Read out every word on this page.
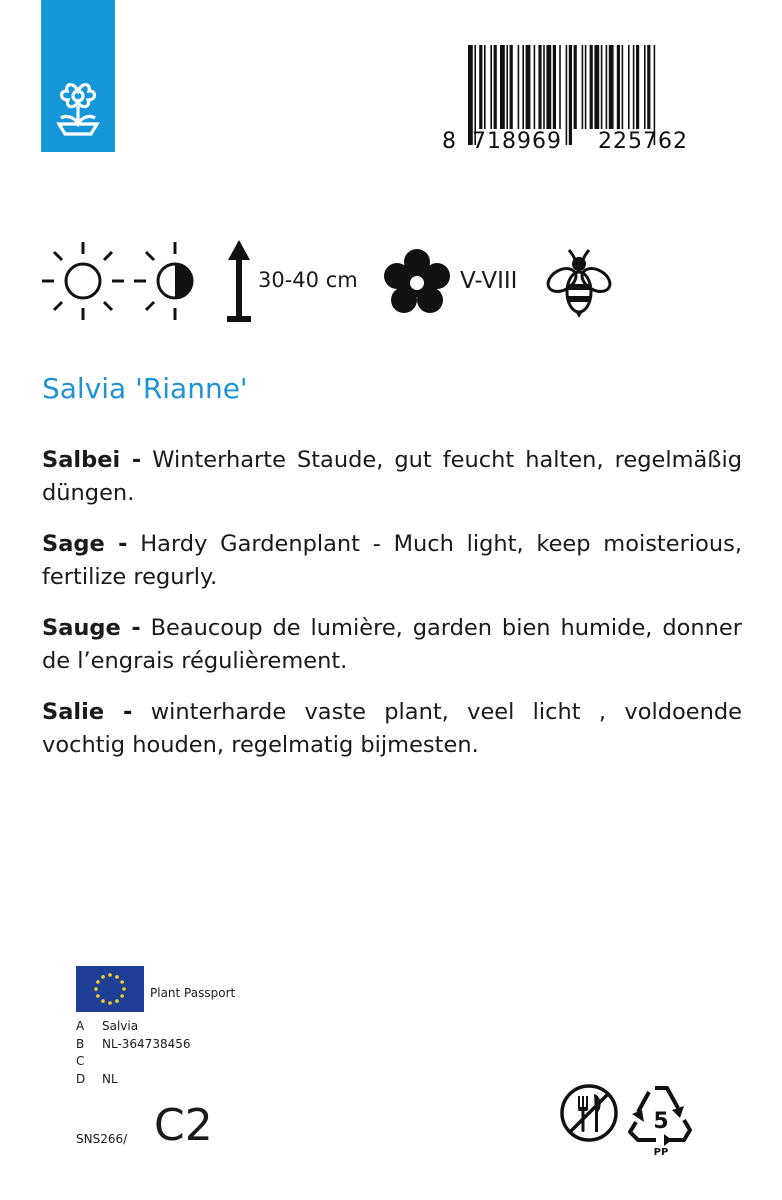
8 718969 225762
30-40 cm	V-VIII
Salvia 'Rianne'

Salbei - Winterharte Staude, gut feucht halten, regelmäßig düngen.

Sage - Hardy Gardenplant - Much light, keep moisterious, fertilize regurly.

Sauge - Beaucoup de lumière, garden bien humide, donner de l’engrais régulièrement.

Salie - winterharde vaste plant, veel licht , voldoende vochtig houden, regelmatig bijmesten.

Plant Passport
A	Salvia
B	NL-364738456
C
D	NL
SNS266/ C2	5
PP
